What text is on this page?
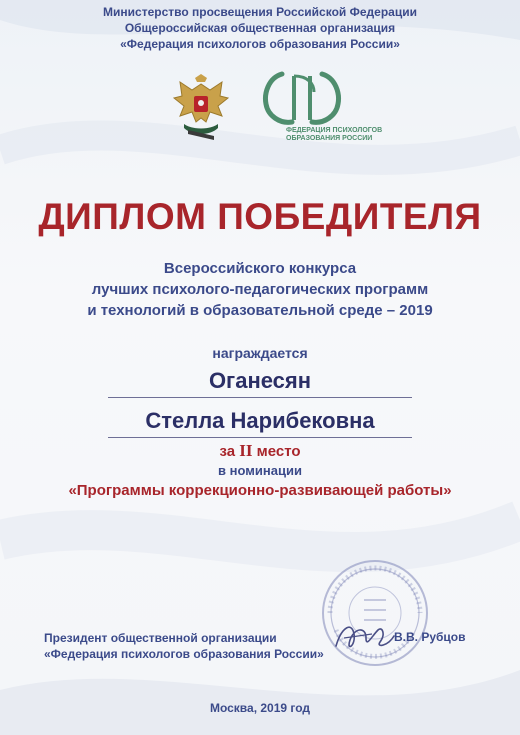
Министерство просвещения Российской Федерации
Общероссийская общественная организация
«Федерация психологов образования России»
ФЕДЕРАЦИЯ ПСИХОЛОГОВ
ОБРАЗОВАНИЯ РОССИИ
ДИПЛОМ ПОБЕДИТЕЛЯ
Всероссийского конкурса
лучших психолого-педагогических программ
и технологий в образовательной среде – 2019
награждается
Оганесян
Стелла Нарибековна
за II место
в номинации
«Программы коррекционно-развивающей работы»
Президент общественной организации
«Федерация психологов образования России»
В.В. Рубцов
Москва, 2019 год
